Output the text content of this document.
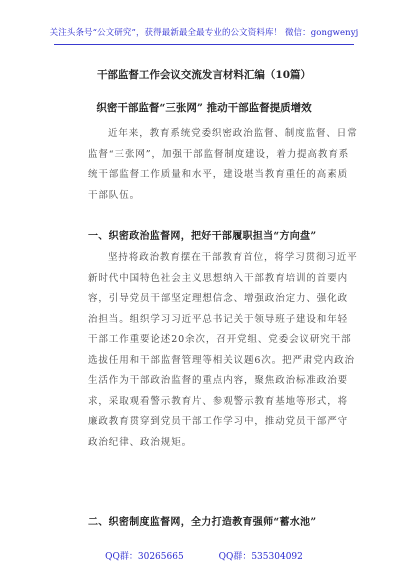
关注头条号“公文研究”，获得最新最全最专业的公文资料库！ 微信：gongwenyj
干部监督工作会议交流发言材料汇编（10篇）
织密干部监督“三张网” 推动干部监督提质增效
近年来，教育系统党委织密政治监督、制度监督、日常
监督“三张网”，加强干部监督制度建设，着力提高教育系
统干部监督工作质量和水平，建设堪当教育重任的高素质
干部队伍。
一、织密政治监督网，把好干部履职担当“方向盘”
坚持将政治教育摆在干部教育首位，将学习贯彻习近平
新时代中国特色社会主义思想纳入干部教育培训的首要内
容，引导党员干部坚定理想信念、增强政治定力、强化政
治担当。组织学习习近平总书记关于领导班子建设和年轻
干部工作重要论述20余次，召开党组、党委会议研究干部
选拔任用和干部监督管理等相关议题6次。把严肃党内政治
生活作为干部政治监督的重点内容，聚焦政治标准政治要
求，采取观看警示教育片、参观警示教育基地等形式，将
廉政教育贯穿到党员干部工作学习中，推动党员干部严守
政治纪律、政治规矩。
二、织密制度监督网，全力打造教育强师“蓄水池”
QQ群：30265665	QQ群：535304092
